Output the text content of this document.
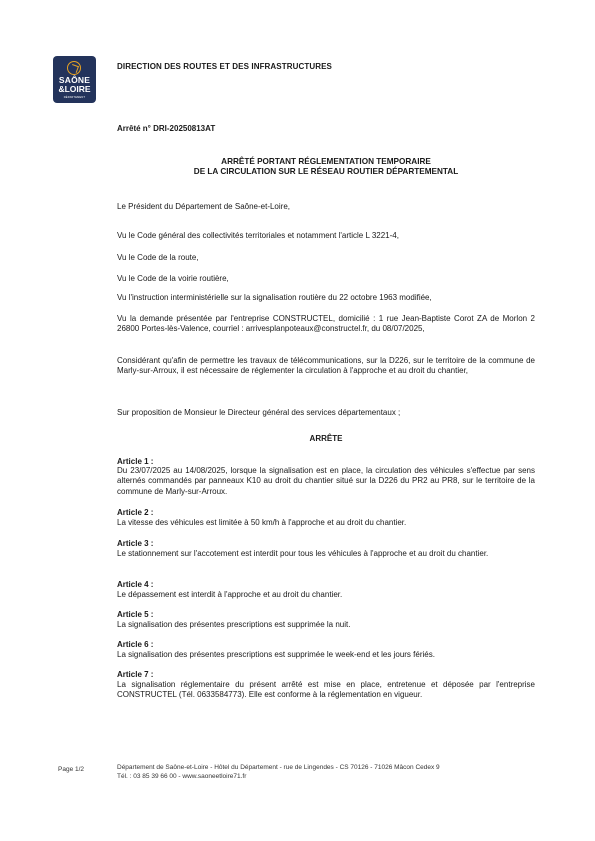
SAÔNE
&LOIRE
DÉPARTEMENT
DIRECTION DES ROUTES ET DES INFRASTRUCTURES
Arrêté n° DRI-20250813AT
ARRÊTÉ PORTANT RÉGLEMENTATION TEMPORAIRE
DE LA CIRCULATION SUR LE RÉSEAU ROUTIER DÉPARTEMENTAL

Le Président du Département de Saône-et-Loire,

Vu le Code général des collectivités territoriales et notamment l'article L 3221-4,

Vu le Code de la route,

Vu le Code de la voirie routière,

Vu l'instruction interministérielle sur la signalisation routière du 22 octobre 1963 modifiée,

Vu la demande présentée par l'entreprise CONSTRUCTEL, domicilié : 1 rue Jean-Baptiste Corot ZA de Morlon 2 26800 Portes-lès-Valence, courriel : arrivesplanpoteaux@constructel.fr, du 08/07/2025,

Considérant qu'afin de permettre les travaux de télécommunications, sur la D226, sur le territoire de la commune de Marly-sur-Arroux, il est nécessaire de réglementer la circulation à l'approche et au droit du chantier,

Sur proposition de Monsieur le Directeur général des services départementaux ;

ARRÊTE

Article 1 :

Du 23/07/2025 au 14/08/2025, lorsque la signalisation est en place, la circulation des véhicules s'effectue par sens alternés commandés par panneaux K10 au droit du chantier situé sur la D226 du PR2 au PR8, sur le territoire de la commune de Marly-sur-Arroux.

Article 2 :

La vitesse des véhicules est limitée à 50 km/h à l'approche et au droit du chantier.

Article 3 :

Le stationnement sur l'accotement est interdit pour tous les véhicules à l'approche et au droit du chantier.

Article 4 :

Le dépassement est interdit à l'approche et au droit du chantier.

Article 5 :

La signalisation des présentes prescriptions est supprimée la nuit.

Article 6 :

La signalisation des présentes prescriptions est supprimée le week-end et les jours fériés.

Article 7 :

La signalisation réglementaire du présent arrêté est mise en place, entretenue et déposée par l'entreprise CONSTRUCTEL (Tél. 0633584773). Elle est conforme à la réglementation en vigueur.

Page 1/2	Département de Saône-et-Loire - Hôtel du Département - rue de Lingendes - CS 70126 - 71026 Mâcon Cedex 9
Tél. : 03 85 39 66 00 - www.saoneetloire71.fr
